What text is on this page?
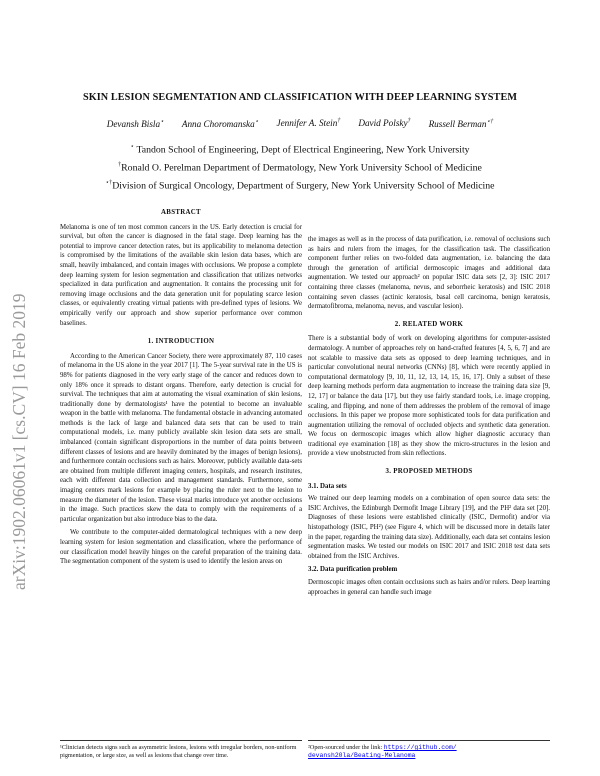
arXiv:1902.06061v1 [cs.CV] 16 Feb 2019
SKIN LESION SEGMENTATION AND CLASSIFICATION WITH DEEP LEARNING SYSTEM
Devansh Bisla⋆ Anna Choromanska⋆ Jennifer A. Stein† David Polsky† Russell Berman⋆†
⋆ Tandon School of Engineering, Dept of Electrical Engineering, New York University
†Ronald O. Perelman Department of Dermatology, New York University School of Medicine
⋆†Division of Surgical Oncology, Department of Surgery, New York University School of Medicine
ABSTRACT

Melanoma is one of ten most common cancers in the US. Early detection is crucial for survival, but often the cancer is diagnosed in the fatal stage. Deep learning has the potential to improve cancer detection rates, but its applicability to melanoma detection is compromised by the limitations of the available skin lesion data bases, which are small, heavily imbalanced, and contain images with occlusions. We propose a complete deep learning system for lesion segmentation and classification that utilizes networks specialized in data purification and augmentation. It contains the processing unit for removing image occlusions and the data generation unit for populating scarce lesion classes, or equivalently creating virtual patients with pre-defined types of lesions. We empirically verify our approach and show superior performance over common baselines.

1. INTRODUCTION

According to the American Cancer Society, there were approximately 87, 110 cases of melanoma in the US alone in the year 2017 [1]. The 5-year survival rate in the US is 98% for patients diagnosed in the very early stage of the cancer and reduces down to only 18% once it spreads to distant organs. Therefore, early detection is crucial for survival. The techniques that aim at automating the visual examination of skin lesions, traditionally done by dermatologists¹ have the potential to become an invaluable weapon in the battle with melanoma. The fundamental obstacle in advancing automated methods is the lack of large and balanced data sets that can be used to train computational models, i.e. many publicly available skin lesion data sets are small, imbalanced (contain significant disproportions in the number of data points between different classes of lesions and are heavily dominated by the images of benign lesions), and furthermore contain occlusions such as hairs. Moreover, publicly available data-sets are obtained from multiple different imaging centers, hospitals, and research institutes, each with different data collection and management standards. Furthermore, some imaging centers mark lesions for example by placing the ruler next to the lesion to measure the diameter of the lesion. These visual marks introduce yet another occlusions in the image. Such practices skew the data to comply with the requirements of a particular organization but also introduce bias to the data.

We contribute to the computer-aided dermatological techniques with a new deep learning system for lesion segmentation and classification, where the performance of our classification model heavily hinges on the careful preparation of the training data. The segmentation component of the system is used to identify the lesion areas on

¹Clinician detects signs such as asymmetric lesions, lesions with irregular borders, non-uniform pigmentation, or large size, as well as lesions that change over time.

the images as well as in the process of data purification, i.e. removal of occlusions such as hairs and rulers from the images, for the classification task. The classification component further relies on two-folded data augmentation, i.e. balancing the data through the generation of artificial dermoscopic images and additional data augmentation. We tested our approach² on popular ISIC data sets [2, 3]: ISIC 2017 containing three classes (melanoma, nevus, and seborrheic keratosis) and ISIC 2018 containing seven classes (actinic keratosis, basal cell carcinoma, benign keratosis, dermatofibroma, melanoma, nevus, and vascular lesion).

2. RELATED WORK

There is a substantial body of work on developing algorithms for computer-assisted dermatology. A number of approaches rely on hand-crafted features [4, 5, 6, 7] and are not scalable to massive data sets as opposed to deep learning techniques, and in particular convolutional neural networks (CNNs) [8], which were recently applied in computational dermatology [9, 10, 11, 12, 13, 14, 15, 16, 17]. Only a subset of these deep learning methods perform data augmentation to increase the training data size [9, 12, 17] or balance the data [17], but they use fairly standard tools, i.e. image cropping, scaling, and flipping, and none of them addresses the problem of the removal of image occlusions. In this paper we propose more sophisticated tools for data purification and augmentation utilizing the removal of occluded objects and synthetic data generation. We focus on dermoscopic images which allow higher diagnostic accuracy than traditional eye examination [18] as they show the micro-structures in the lesion and provide a view unobstructed from skin reflections.

3. PROPOSED METHODS
3.1. Data sets

We trained our deep learning models on a combination of open source data sets: the ISIC Archives, the Edinburgh Dermofit Image Library [19], and the PH² data set [20]. Diagnoses of these lesions were established clinically (ISIC, Dermofit) and/or via histopathology (ISIC, PH²) (see Figure 4, which will be discussed more in details later in the paper, regarding the training data size). Additionally, each data set contains lesion segmentation masks. We tested our models on ISIC 2017 and ISIC 2018 test data sets obtained from the ISIC Archives.

3.2. Data purification problem

Dermoscopic images often contain occlusions such as hairs and/or rulers. Deep learning approaches in general can handle such image

²Open-sourced under the link: https://github.com/
devansh20la/Beating-Melanoma
